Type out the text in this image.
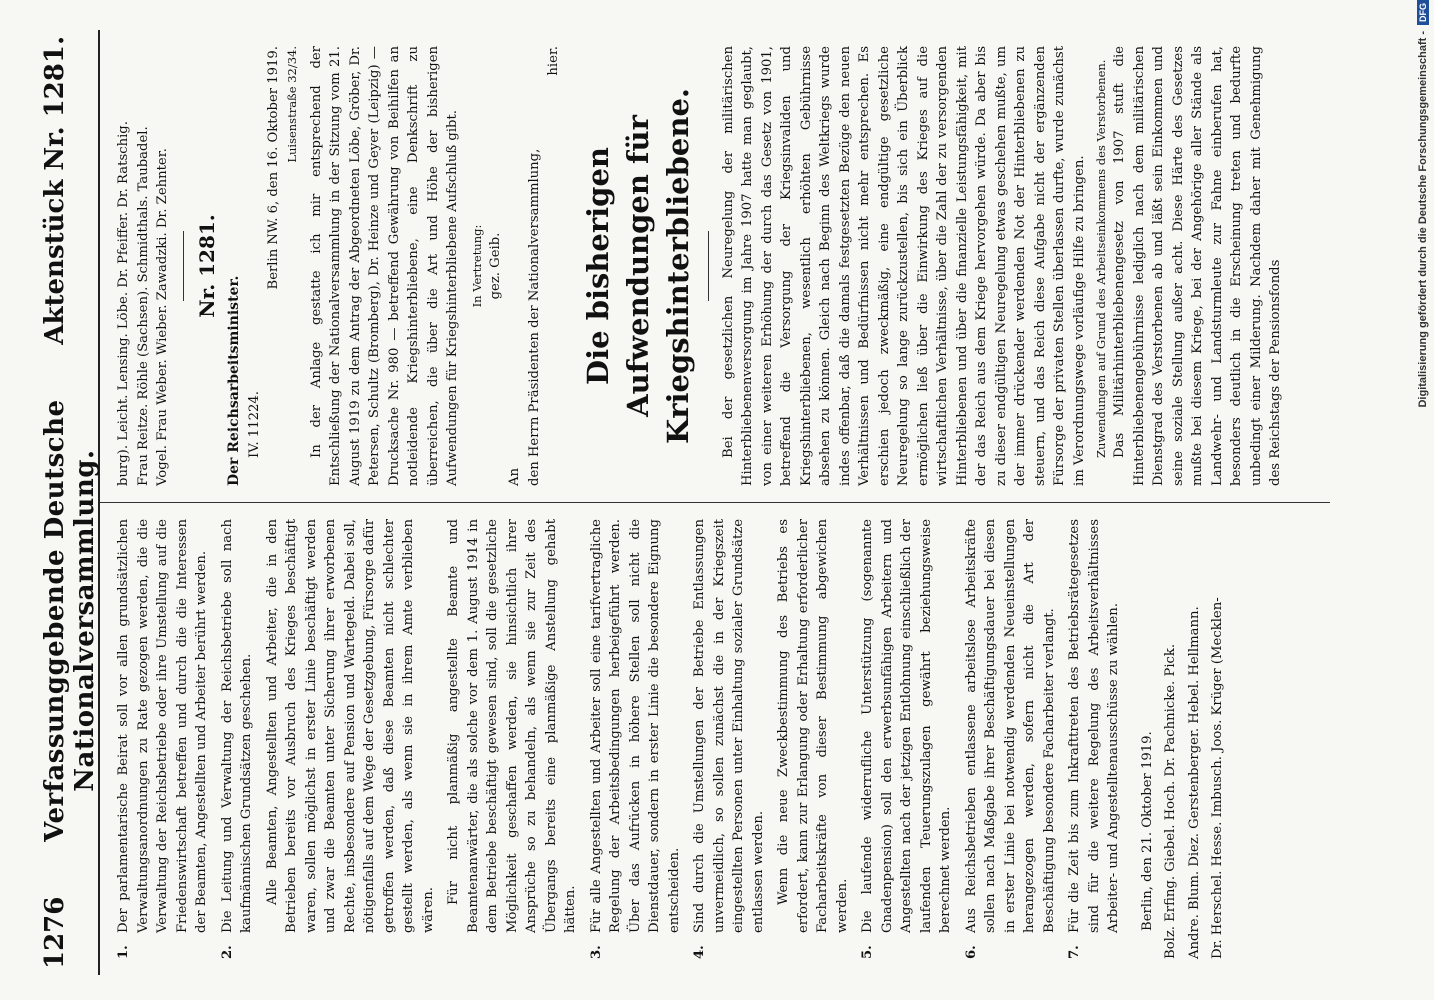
1276
Verfassunggebende Deutsche Nationalversammlung.
Aktenstück Nr. 1281.
1.
Der parlamentarische Beirat soll vor allen grundsätzlichen Verwaltungsanordnungen zu Rate gezogen werden, die die Verwaltung der Reichsbetriebe oder ihre Umstellung auf die Friedenswirtschaft betreffen und durch die die Interessen der Beamten, Angestellten und Arbeiter berührt werden.
2.
Die Leitung und Verwaltung der Reichsbetriebe soll nach kaufmännischen Grundsätzen geschehen. Alle Beamten, Angestellten und Arbeiter, die in den Betrieben bereits vor Ausbruch des Krieges beschäftigt waren, sollen möglichst in erster Linie beschäftigt werden und zwar die Beamten unter Sicherung ihrer erworbenen Rechte, insbesondere auf Pension und Wartegeld. Dabei soll, nötigenfalls auf dem Wege der Gesetzgebung, Fürsorge dafür getroffen werden, daß diese Beamten nicht schlechter gestellt werden, als wenn sie in ihrem Amte verblieben wären.
Für nicht planmäßig angestellte Beamte und Beamtenanwärter, die als solche vor dem 1. August 1914 in dem Betriebe beschäftigt gewesen sind, soll die gesetzliche Möglichkeit geschaffen werden, sie hinsichtlich ihrer Ansprüche so zu behandeln, als wenn sie zur Zeit des Übergangs bereits eine planmäßige Anstellung gehabt hätten.
3.
Für alle Angestellten und Arbeiter soll eine tarifvertragliche Regelung der Arbeitsbedingungen herbeigeführt werden. Über das Aufrücken in höhere Stellen soll nicht die Dienstdauer, sondern in erster Linie die besondere Eignung entscheiden.
4.
Sind durch die Umstellungen der Betriebe Entlassungen unvermeidlich, so sollen zunächst die in der Kriegszeit eingestellten Personen unter Einhaltung sozialer Grundsätze entlassen werden. Wenn die neue Zweckbestimmung des Betriebs es erfordert, kann zur Erlangung oder Erhaltung erforderlicher Facharbeitskräfte von dieser Bestimmung abgewichen werden.
5.
Die laufende widerrufliche Unterstützung (sogenannte Gnadenpension) soll den erwerbsunfähigen Arbeitern und Angestellten nach der jetzigen Entlohnung einschließlich der laufenden Teuerungszulagen gewährt beziehungsweise berechnet werden.
6.
Aus Reichsbetrieben entlassene arbeitslose Arbeitskräfte sollen nach Maßgabe ihrer Beschäftigungsdauer bei diesen in erster Linie bei notwendig werdenden Neueinstellungen herangezogen werden, sofern nicht die Art der Beschäftigung besondere Facharbeiter verlangt.
7.
Für die Zeit bis zum Inkrafttreten des Betriebsrätegesetzes sind für die weitere Regelung des Arbeitsverhältnisses Arbeiter- und Angestelltenausschüsse zu wählen. Berlin, den 21. Oktober 1919. Bolz. Erfing. Giebel. Hoch. Dr. Pachnicke. Pick. Andre. Blum. Diez. Gerstenberger. Hebel. Hellmann. Dr. Herschel. Hesse. Imbusch. Joos. Krüger (Mecklen-
burg). Leicht. Lensing. Löbe. Dr. Pfeiffer. Dr. Ratschig. Frau Reitze. Röhle (Sachsen). Schmidthals. Taubadel. Vogel. Frau Weber. Wieber. Zawadzki. Dr. Zehnter. Nr. 1281.
Der Reichsarbeitsminister. IV. 11224.
Berlin NW. 6, den 16. Oktober 1919. Luisenstraße 32/34. In der Anlage gestatte ich mir entsprechend der Entschließung der Nationalversammlung in der Sitzung vom 21. August 1919 zu dem Antrag der Abgeordneten Löbe, Gröber, Dr. Petersen, Schultz (Bromberg), Dr. Heinze und Geyer (Leipzig) — Drucksache Nr. 980 — betreffend Gewährung von Beihilfen an notleidende Kriegshinterbliebene, eine Denkschrift zu überreichen, die über die Art und Höhe der bisherigen Aufwendungen für Kriegshinterbliebene Aufschluß gibt. In Vertretung: gez. Geib.
An den Herrn Präsidenten der Nationalversammlung,
hier.
Die bisherigen Aufwendungen für Kriegshinterbliebene. Bei der gesetzlichen Neuregelung der militärischen Hinterbliebenenversorgung im Jahre 1907 hatte man geglaubt, von einer weiteren Erhöhung der durch das Gesetz von 1901, betreffend die Versorgung der Kriegsinvaliden und Kriegshinterbliebenen, wesentlich erhöhten Gebührnisse absehen zu können. Gleich nach Beginn des Weltkriegs wurde indes offenbar, daß die damals festgesetzten Bezüge den neuen Verhältnissen und Bedürfnissen nicht mehr entsprechen. Es erschien jedoch zweckmäßig, eine endgültige gesetzliche Neuregelung so lange zurückzustellen, bis sich ein Überblick ermöglichen ließ über die Einwirkung des Krieges auf die wirtschaftlichen Verhältnisse, über die Zahl der zu versorgenden Hinterbliebenen und über die finanzielle Leistungsfähigkeit, mit der das Reich aus dem Kriege hervorgehen würde. Da aber bis zu dieser endgültigen Neuregelung etwas geschehen mußte, um der immer drückender werdenden Not der Hinterbliebenen zu steuern, und das Reich diese Aufgabe nicht der ergänzenden Fürsorge der privaten Stellen überlassen durfte, wurde zunächst im Verordnungswege vorläufige Hilfe zu bringen. Zuwendungen auf Grund des Arbeitseinkommens des Verstorbenen. Das Militärhinterbliebenengesetz von 1907 stuft die Hinterbliebenengebührnisse lediglich nach dem militärischen Dienstgrad des Verstorbenen ab und läßt sein Einkommen und seine soziale Stellung außer acht. Diese Härte des Gesetzes mußte bei diesem Kriege, bei der Angehörige aller Stände als Landwehr- und Landsturmleute zur Fahne einberufen hat, besonders deutlich in die Erscheinung treten und bedurfte unbedingt einer Milderung. Nachdem daher mit Genehmigung des Reichstags der Pensionsfonds	Digitalisierung gefördert durch die Deutsche Forschungsgemeinschaft -
DFG
